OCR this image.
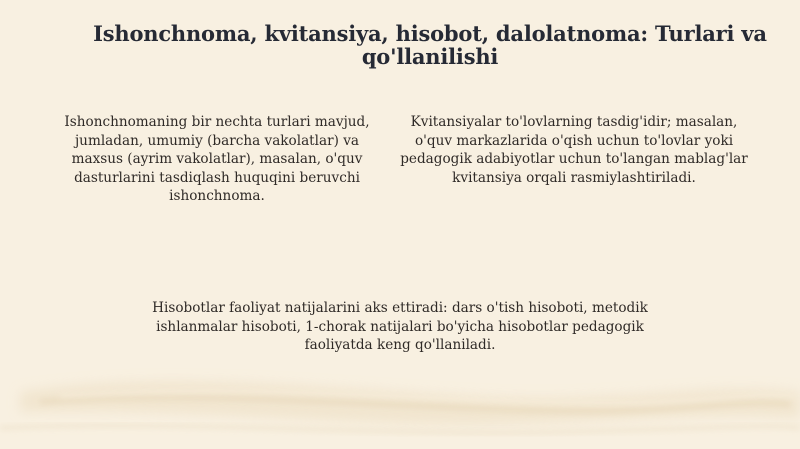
Ishonchnoma, kvitansiya, hisobot, dalolatnoma: Turlari va qo'llanilishi

Ishonchnomaning bir nechta turlari mavjud, jumladan, umumiy (barcha vakolatlar) va maxsus (ayrim vakolatlar), masalan, o'quv dasturlarini tasdiqlash huquqini beruvchi ishonchnoma.

Kvitansiyalar to'lovlarning tasdig'idir; masalan, o'quv markazlarida o'qish uchun to'lovlar yoki pedagogik adabiyotlar uchun to'langan mablag'lar kvitansiya orqali rasmiylashtiriladi.

Hisobotlar faoliyat natijalarini aks ettiradi: dars o'tish hisoboti, metodik ishlanmalar hisoboti, 1-chorak natijalari bo'yicha hisobotlar pedagogik faoliyatda keng qo'llaniladi.
